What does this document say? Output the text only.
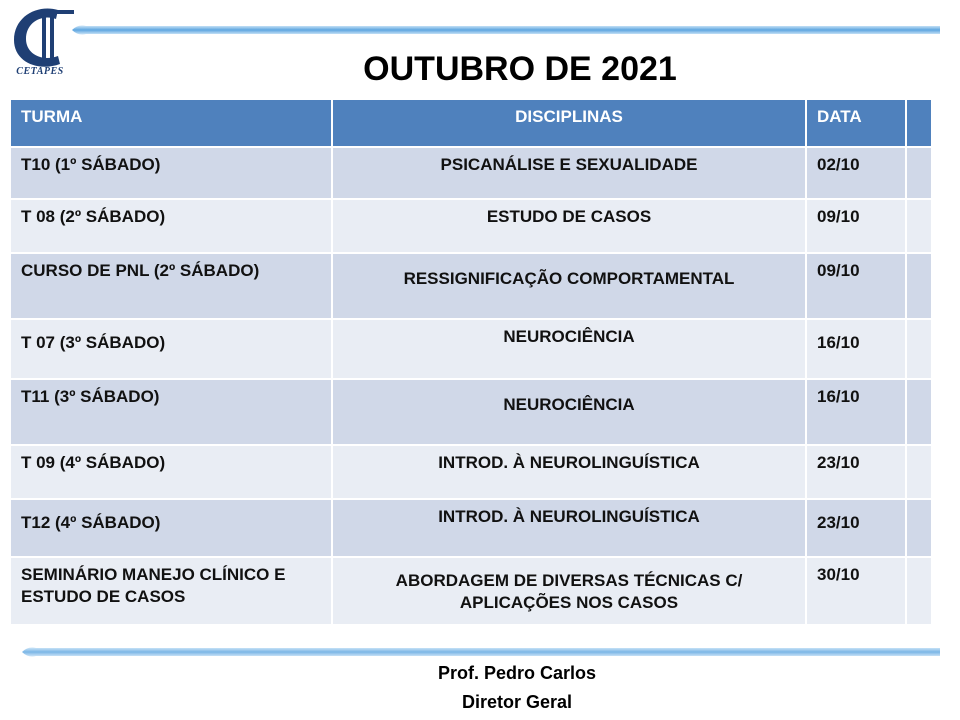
CETAPES	OUTUBRO DE 2021
TURMA	DISCIPLINAS	DATA	
T10 (1º SÁBADO)	PSICANÁLISE E SEXUALIDADE	02/10	
T 08 (2º SÁBADO)	ESTUDO DE CASOS	09/10	
CURSO DE PNL (2º SÁBADO)	RESSIGNIFICAÇÃO COMPORTAMENTAL	09/10	
T 07 (3º SÁBADO)	NEUROCIÊNCIA	16/10	
T11 (3º SÁBADO)	NEUROCIÊNCIA	16/10	
T 09 (4º SÁBADO)	INTROD. À NEUROLINGUÍSTICA	23/10	
T12 (4º SÁBADO)	INTROD. À NEUROLINGUÍSTICA	23/10	
SEMINÁRIO MANEJO CLÍNICO E ESTUDO DE CASOS	ABORDAGEM DE DIVERSAS TÉCNICAS C/ APLICAÇÕES NOS CASOS	30/10	
Prof. Pedro Carlos
Diretor Geral
